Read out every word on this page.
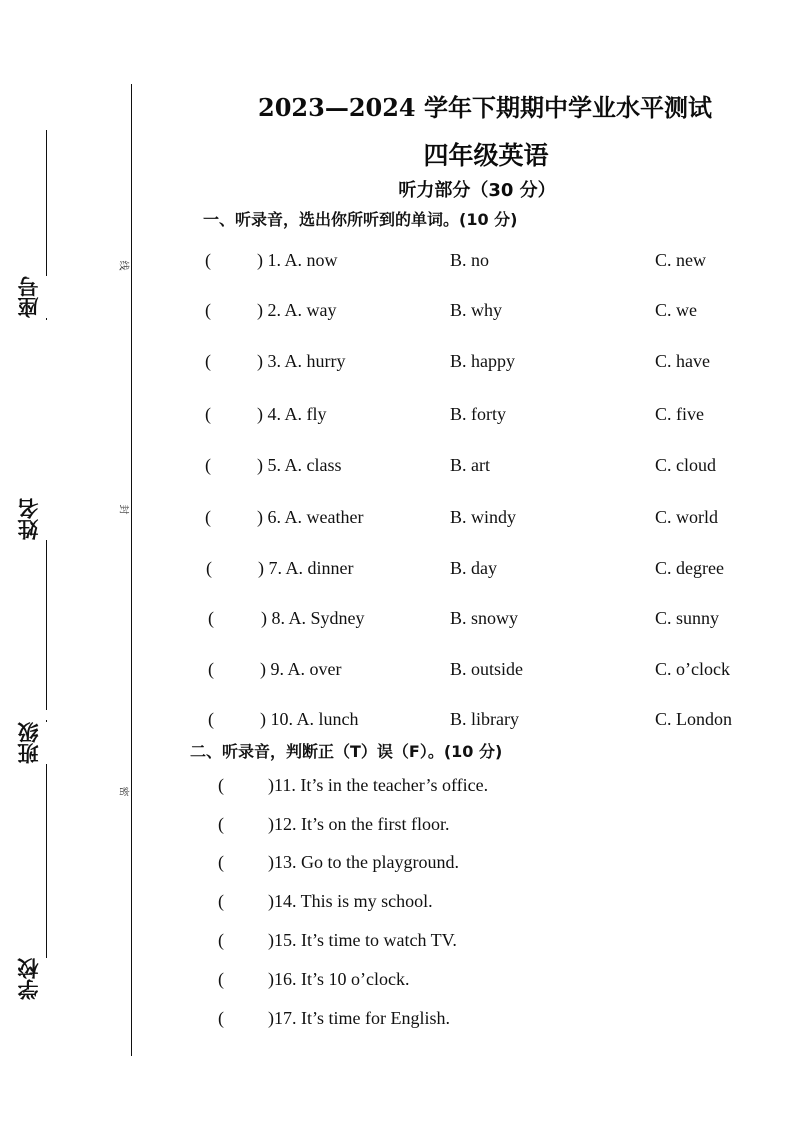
座号
姓名
班级
学校
线
封
密
2023—2024 学年下期期中学业水平测试
四年级英语
听力部分（30 分）
一、听录音，选出你所听到的单词。(10 分)
(	) 1. A. now	B. no	C. new
(	) 2. A. way	B. why	C. we
(	) 3. A. hurry	B. happy	C. have
(	) 4. A. fly	B. forty	C. five
(	) 5. A. class	B. art	C. cloud
(	) 6. A. weather	B. windy	C. world
(	) 7. A. dinner	B. day	C. degree
(	) 8. A. Sydney	B. snowy	C. sunny
(	) 9. A. over	B. outside	C. o’clock
(	) 10. A. lunch	B. library	C. London
二、听录音，判断正（T）误（F）。(10 分)
( )11. It’s in the teacher’s office.
( )12. It’s on the first floor.
( )13. Go to the playground.
( )14. This is my school.
( )15. It’s time to watch TV.
( )16. It’s 10 o’clock.
( )17. It’s time for English.
